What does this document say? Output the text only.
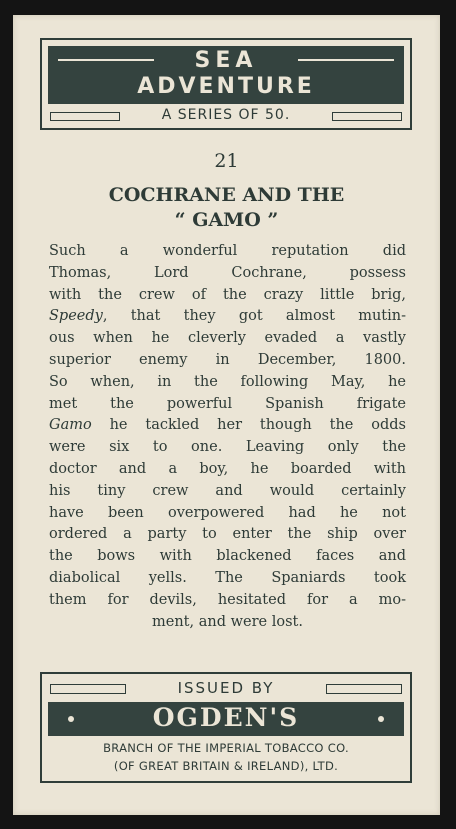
SEA
ADVENTURE
A SERIES OF 50.
21
COCHRANE AND THE
“ GAMO ”
Such a wonderful reputation did
Thomas, Lord Cochrane, possess
with the crew of the crazy little brig,
Speedy, that they got almost mutin-
ous when he cleverly evaded a vastly
superior enemy in December, 1800.
So when, in the following May, he
met the powerful Spanish frigate
Gamo he tackled her though the odds
were six to one. Leaving only the
doctor and a boy, he boarded with
his tiny crew and would certainly
have been overpowered had he not
ordered a party to enter the ship over
the bows with blackened faces and
diabolical yells. The Spaniards took
them for devils, hesitated for a mo-
ment, and were lost.
ISSUED BY
OGDEN'S
BRANCH OF THE IMPERIAL TOBACCO CO.
(OF GREAT BRITAIN & IRELAND), LTD.
